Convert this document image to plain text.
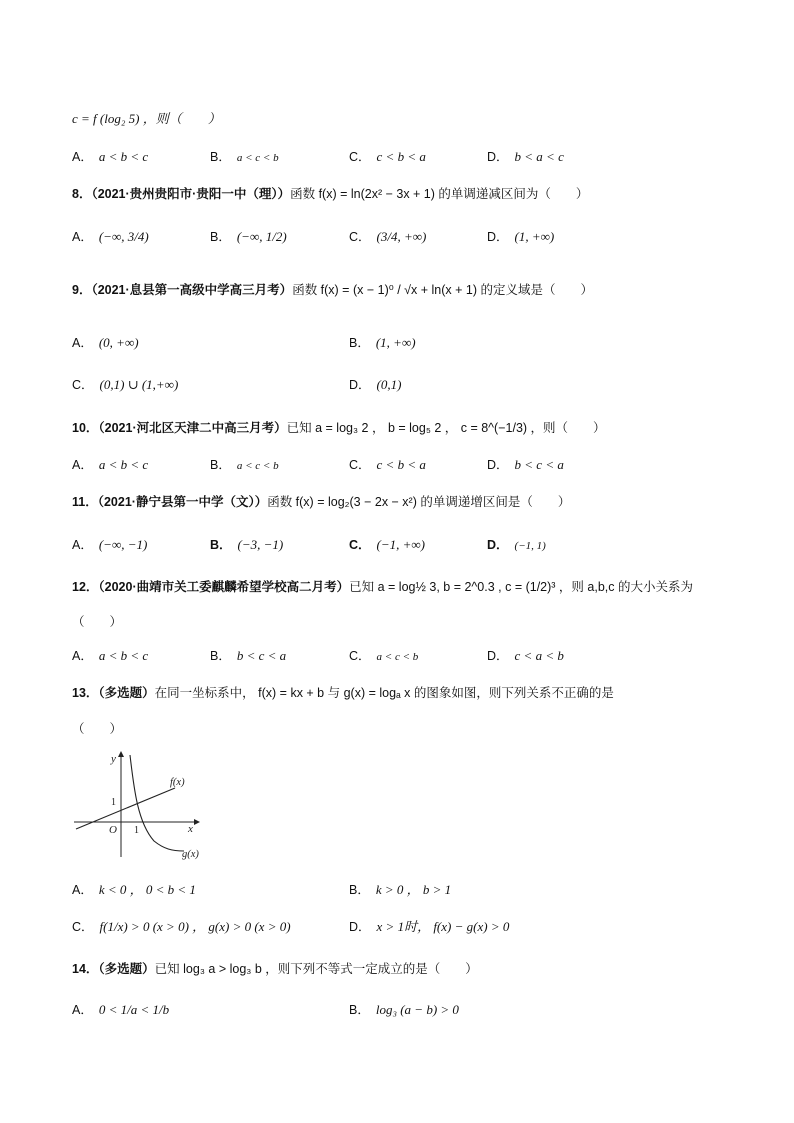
c = f (log₂ 5) ，则（　　）
A． a < b < c	B． a < c < b	C． c < b < a	D． b < a < c
8．（2021·贵州贵阳市·贵阳一中（理））函数 f(x) = ln(2x² − 3x + 1) 的单调递减区间为（　　）
A． (−∞, 3/4)	B． (−∞, 1/2)	C． (3/4, +∞)	D． (1, +∞)
9．（2021·息县第一高级中学高三月考）函数 f(x) = (x − 1)⁰ / √x + ln(x + 1) 的定义域是（　　）
A． (0, +∞)	B． (1, +∞)
C． (0,1) ∪ (1,+∞)	D． (0,1)
10．（2021·河北区天津二中高三月考）已知 a = log₃ 2 ， b = log₅ 2 ， c = 8^(−1/3) ，则（　　）
A． a < b < c	B． a < c < b	C． c < b < a	D． b < c < a
11．（2021·静宁县第一中学（文））函数 f(x) = log₂(3 − 2x − x²) 的单调递增区间是（　　）
A． (−∞, −1)	B． (−3, −1)	C． (−1, +∞)	D． (−1, 1)
12．（2020·曲靖市关工委麒麟希望学校高二月考）已知 a = log½ 3, b = 2^0.3 , c = (1/2)³ ，则 a,b,c 的大小关系为
（　　）
A． a < b < c	B． b < c < a	C． a < c < b	D． c < a < b
13．（多选题）在同一坐标系中， f(x) = kx + b 与 g(x) = logₐ x 的图象如图，则下列关系不正确的是
（　　）
y
x
O 1
1
f(x)
g(x)
A． k < 0 ， 0 < b < 1	B． k > 0 ， b > 1
C． f(1/x) > 0 (x > 0) ， g(x) > 0 (x > 0)	D． x > 1时， f(x) − g(x) > 0
14．（多选题）已知 log₃ a > log₃ b ，则下列不等式一定成立的是（　　）
A． 0 < 1/a < 1/b	B． log₃ (a − b) > 0
